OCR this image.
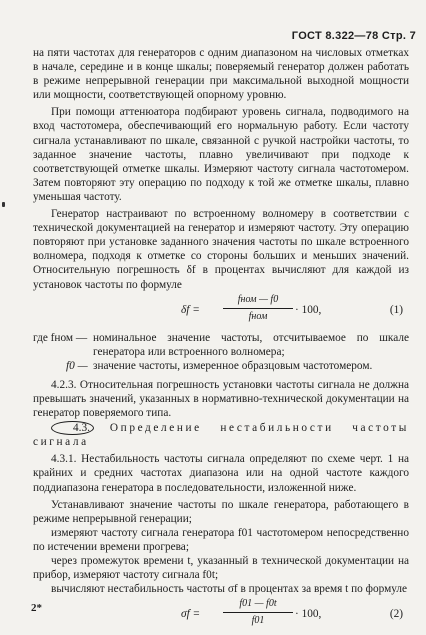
ГОСТ 8.322—78 Стр. 7

на пяти частотах для генераторов с одним диапазоном на числовых отметках в начале, середине и в конце шкалы; поверяемый генератор должен работать в режиме непрерывной генерации при максимальной выходной мощности или мощности, соответствующей опорному уровню.

При помощи аттенюатора подбирают уровень сигнала, подводимого на вход частотомера, обеспечивающий его нормальную работу. Если частоту сигнала устанавливают по шкале, связанной с ручкой настройки частоты, то заданное значение частоты, плавно увеличивают при подходе к соответствующей отметке шкалы. Измеряют частоту сигнала частотомером. Затем повторяют эту операцию по подходу к той же отметке шкалы, плавно уменьшая частоту.

Генератор настраивают по встроенному волномеру в соответствии с технической документацией на генератор и измеряют частоту. Эту операцию повторяют при установке заданного значения частоты по шкале встроенного волномера, подходя к отметке со стороны больших и меньших значений. Относительную погрешность δf в процентах вычисляют для каждой из установок частоты по формуле

δf =
fном — f0
fном
· 100,	(1)
где fном — номинальное значение частоты, отсчитываемое по шкале генератора или встроенного волномера;
f0 — значение частоты, измеренное образцовым частотомером.

4.2.3. Относительная погрешность установки частоты сигнала не должна превышать значений, указанных в нормативно-технической документации на генератор поверяемого типа.

4.3. Определение нестабильности частоты сигнала

4.3.1. Нестабильность частоты сигнала определяют по схеме черт. 1 на крайних и средних частотах диапазона или на одной частоте каждого поддиапазона генератора в последовательности, изложенной ниже.

Устанавливают значение частоты по шкале генератора, работающего в режиме непрерывной генерации;

измеряют частоту сигнала генератора f01 частотомером непосредственно по истечении времени прогрева;

через промежуток времени t, указанный в технической документации на прибор, измеряют частоту сигнала f0t;

вычисляют нестабильность частоты σf в процентах за время t по формуле

$\sigma f = \frac{f01 — f0t}{f01} \cdot 100$,	(2)
2*
